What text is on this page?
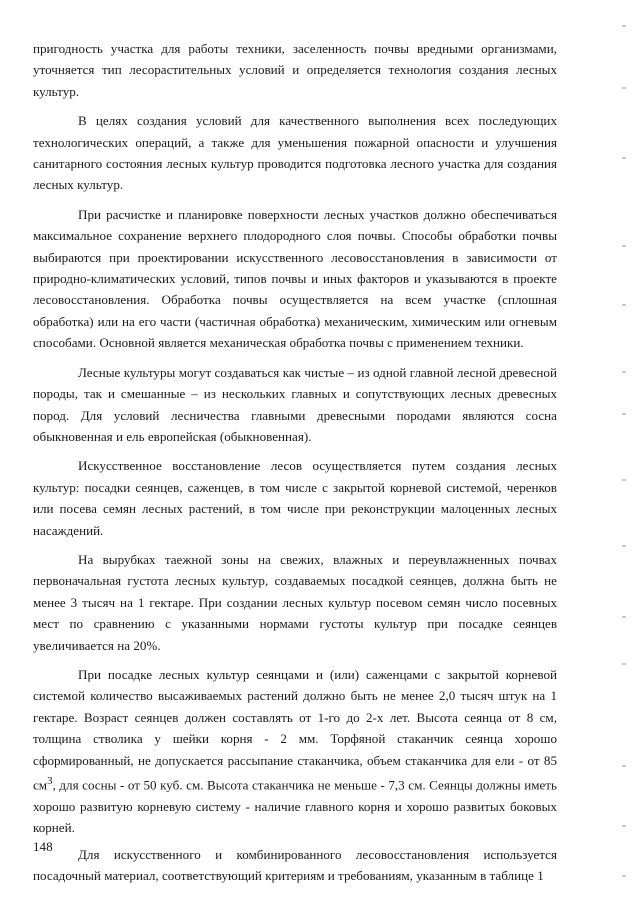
пригодность участка для работы техники, заселенность почвы вредными организмами, уточняется тип лесорастительных условий и определяется технология создания лесных культур.

В целях создания условий для качественного выполнения всех последующих технологических операций, а также для уменьшения пожарной опасности и улучшения санитарного состояния лесных культур проводится подготовка лесного участка для создания лесных культур.

При расчистке и планировке поверхности лесных участков должно обеспечиваться максимальное сохранение верхнего плодородного слоя почвы. Способы обработки почвы выбираются при проектировании искусственного лесовосстановления в зависимости от природно-климатических условий, типов почвы и иных факторов и указываются в проекте лесовосстановления. Обработка почвы осуществляется на всем участке (сплошная обработка) или на его части (частичная обработка) механическим, химическим или огневым способами. Основной является механическая обработка почвы с применением техники.

Лесные культуры могут создаваться как чистые – из одной главной лесной древесной породы, так и смешанные – из нескольких главных и сопутствующих лесных древесных пород. Для условий лесничества главными древесными породами являются сосна обыкновенная и ель европейская (обыкновенная).

Искусственное восстановление лесов осуществляется путем создания лесных культур: посадки сеянцев, саженцев, в том числе с закрытой корневой системой, черенков или посева семян лесных растений, в том числе при реконструкции малоценных лесных насаждений.

На вырубках таежной зоны на свежих, влажных и переувлажненных почвах первоначальная густота лесных культур, создаваемых посадкой сеянцев, должна быть не менее 3 тысяч на 1 гектаре. При создании лесных культур посевом семян число посевных мест по сравнению с указанными нормами густоты культур при посадке сеянцев увеличивается на 20%.

При посадке лесных культур сеянцами и (или) саженцами с закрытой корневой системой количество высаживаемых растений должно быть не менее 2,0 тысяч штук на 1 гектаре. Возраст сеянцев должен составлять от 1-го до 2-х лет. Высота сеянца от 8 см, толщина стволика у шейки корня - 2 мм. Торфяной стаканчик сеянца хорошо сформированный, не допускается рассыпание стаканчика, объем стаканчика для ели - от 85 $см^3$, для сосны - от 50 куб. см. Высота стаканчика не меньше - 7,3 см. Сеянцы должны иметь хорошо развитую корневую систему - наличие главного корня и хорошо развитых боковых корней.

Для искусственного и комбинированного лесовосстановления используется посадочный материал, соответствующий критериям и требованиям, указанным в таблице 1

148
